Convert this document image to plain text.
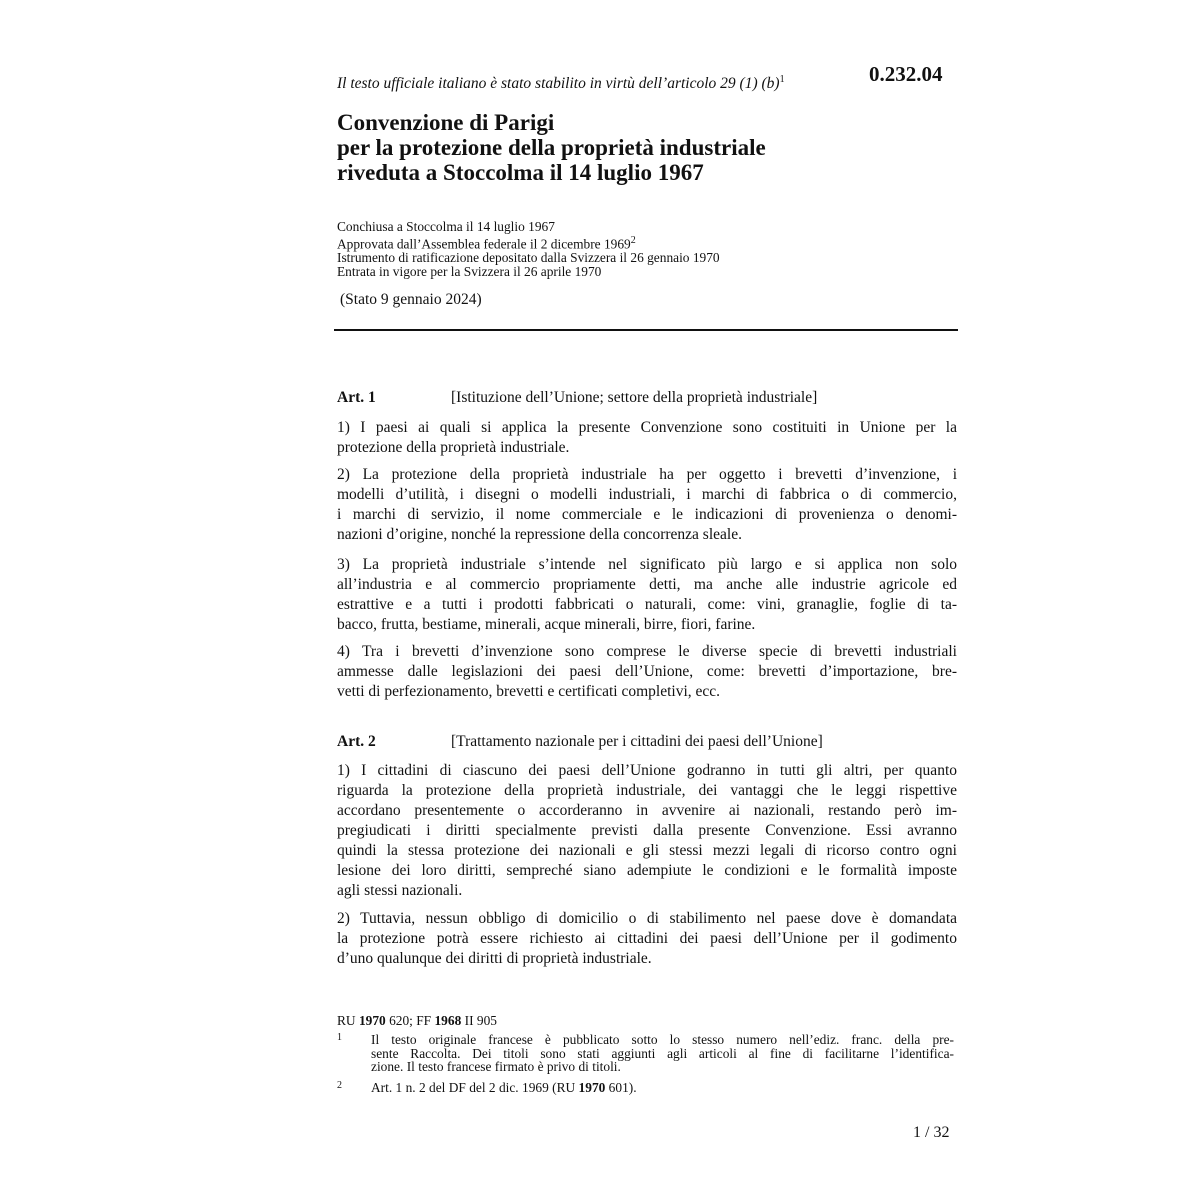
Il testo ufficiale italiano è stato stabilito in virtù dell’articolo 29 (1) $(b)^1$	0.232.04
Convenzione di Parigi
per la protezione della proprietà industriale
riveduta a Stoccolma il 14 luglio 1967
Conchiusa a Stoccolma il 14 luglio 1967
Approvata dall’Assemblea federale il 2 dicembre 1969$^2$
Istrumento di ratificazione depositato dalla Svizzera il 26 gennaio 1970
Entrata in vigore per la Svizzera il 26 aprile 1970
(Stato 9 gennaio 2024)
Art. 1	[Istituzione dell’Unione; settore della proprietà industriale]
1) I paesi ai quali si applica la presente Convenzione sono costituiti in Unione per la
protezione della proprietà industriale.
2) La protezione della proprietà industriale ha per oggetto i brevetti d’invenzione, i
modelli d’utilità, i disegni o modelli industriali, i marchi di fabbrica o di commercio,
i marchi di servizio, il nome commerciale e le indicazioni di provenienza o denomi-
nazioni d’origine, nonché la repressione della concorrenza sleale.
3) La proprietà industriale s’intende nel significato più largo e si applica non solo
all’industria e al commercio propriamente detti, ma anche alle industrie agricole ed
estrattive e a tutti i prodotti fabbricati o naturali, come: vini, granaglie, foglie di ta-
bacco, frutta, bestiame, minerali, acque minerali, birre, fiori, farine.
4) Tra i brevetti d’invenzione sono comprese le diverse specie di brevetti industriali
ammesse dalle legislazioni dei paesi dell’Unione, come: brevetti d’importazione, bre-
vetti di perfezionamento, brevetti e certificati completivi, ecc.
Art. 2	[Trattamento nazionale per i cittadini dei paesi dell’Unione]
1) I cittadini di ciascuno dei paesi dell’Unione godranno in tutti gli altri, per quanto
riguarda la protezione della proprietà industriale, dei vantaggi che le leggi rispettive
accordano presentemente o accorderanno in avvenire ai nazionali, restando però im-
pregiudicati i diritti specialmente previsti dalla presente Convenzione. Essi avranno
quindi la stessa protezione dei nazionali e gli stessi mezzi legali di ricorso contro ogni
lesione dei loro diritti, sempreché siano adempiute le condizioni e le formalità imposte
agli stessi nazionali.
2) Tuttavia, nessun obbligo di domicilio o di stabilimento nel paese dove è domandata
la protezione potrà essere richiesto ai cittadini dei paesi dell’Unione per il godimento
d’uno qualunque dei diritti di proprietà industriale.
RU 1970 620; FF 1968 II 905
1 Il testo originale francese è pubblicato sotto lo stesso numero nell’ediz. franc. della pre-
sente Raccolta. Dei titoli sono stati aggiunti agli articoli al fine di facilitarne l’identifica-
zione. Il testo francese firmato è privo di titoli.
2 Art. 1 n. 2 del DF del 2 dic. 1969 (RU 1970 601).
1 / 32
